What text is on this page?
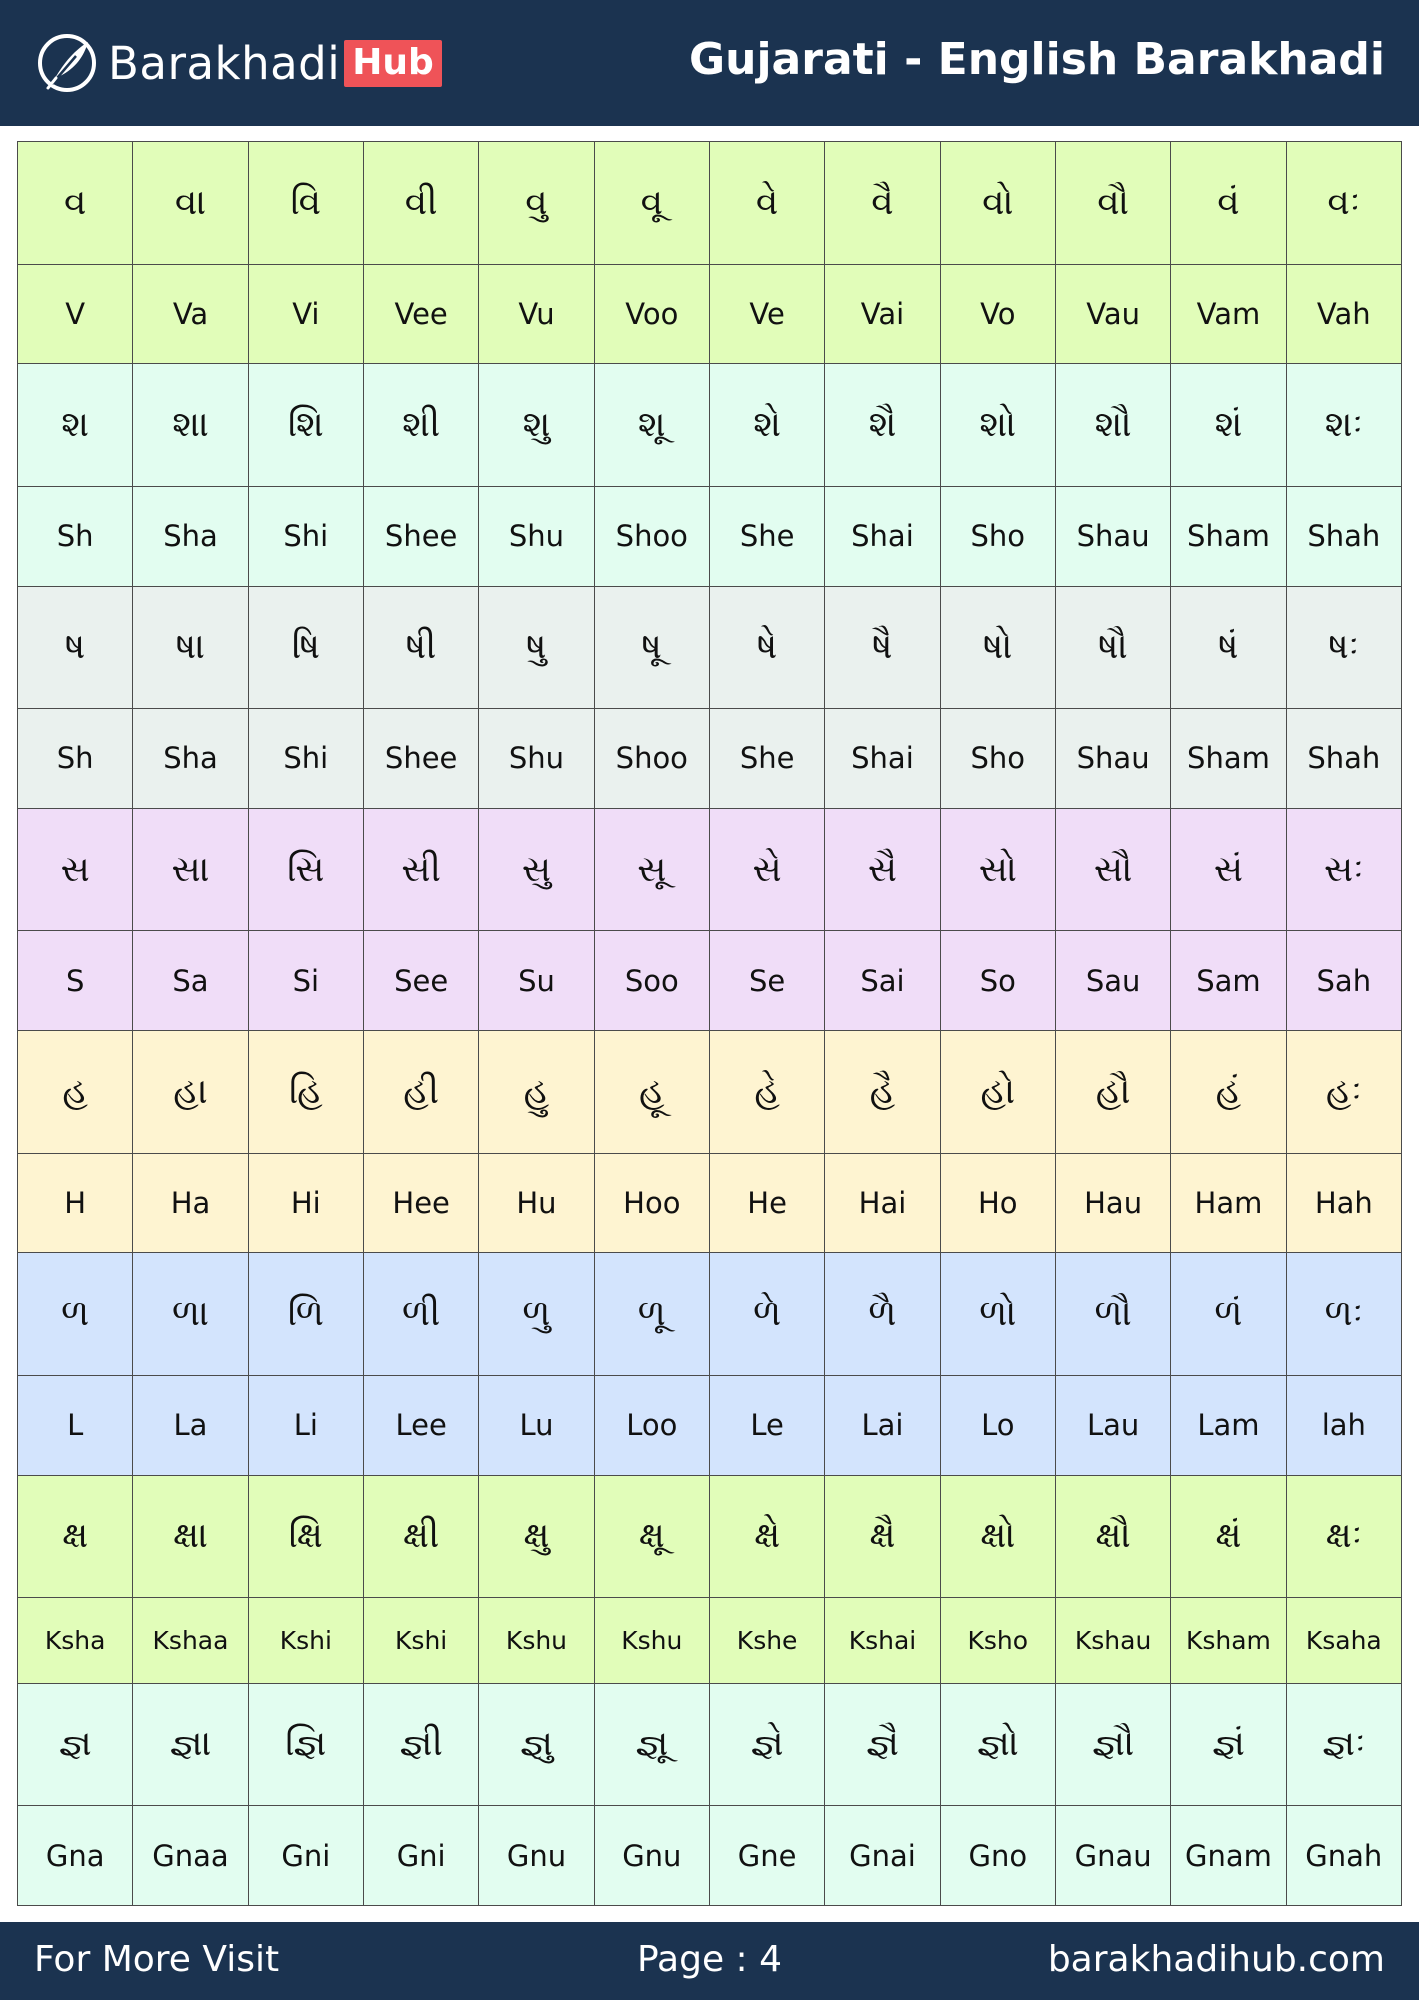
Barakhadi Hub	Gujarati - English Barakhadi
વ	વા	વિ	વી	વુ	વૂ	વે	વૈ	વો	વૌ	વં	વઃ
V	Va	Vi	Vee	Vu	Voo	Ve	Vai	Vo	Vau	Vam	Vah
શ	શા	શિ	શી	શુ	શૂ	શે	શૈ	શો	શૌ	શં	શઃ
Sh	Sha	Shi	Shee	Shu	Shoo	She	Shai	Sho	Shau	Sham	Shah
ષ	ષા	ષિ	ષી	ષુ	ષૂ	ષે	ષૈ	ષો	ષૌ	ષં	ષઃ
Sh	Sha	Shi	Shee	Shu	Shoo	She	Shai	Sho	Shau	Sham	Shah
સ	સા	સિ	સી	સુ	સૂ	સે	સૈ	સો	સૌ	સં	સઃ
S	Sa	Si	See	Su	Soo	Se	Sai	So	Sau	Sam	Sah
હ	હા	હિ	હી	હુ	હૂ	હે	હૈ	હો	હૌ	હં	હઃ
H	Ha	Hi	Hee	Hu	Hoo	He	Hai	Ho	Hau	Ham	Hah
ળ	ળા	ળિ	ળી	ળુ	ળૂ	ળે	ળૈ	ળો	ળૌ	ળં	ળઃ
L	La	Li	Lee	Lu	Loo	Le	Lai	Lo	Lau	Lam	lah
ક્ષ	ક્ષા	ક્ષિ	ક્ષી	ક્ષુ	ક્ષૂ	ક્ષે	ક્ષૈ	ક્ષો	ક્ષૌ	ક્ષં	ક્ષઃ
Ksha	Kshaa	Kshi	Kshi	Kshu	Kshu	Kshe	Kshai	Ksho	Kshau	Ksham	Ksaha
જ્ઞ	જ્ઞા	જ્ઞિ	જ્ઞી	જ્ઞુ	જ્ઞૂ	જ્ઞે	જ્ઞૈ	જ્ઞો	જ્ઞૌ	જ્ઞં	જ્ઞઃ
Gna	Gnaa	Gni	Gni	Gnu	Gnu	Gne	Gnai	Gno	Gnau	Gnam	Gnah
For More Visit	Page : 4	barakhadihub.com
